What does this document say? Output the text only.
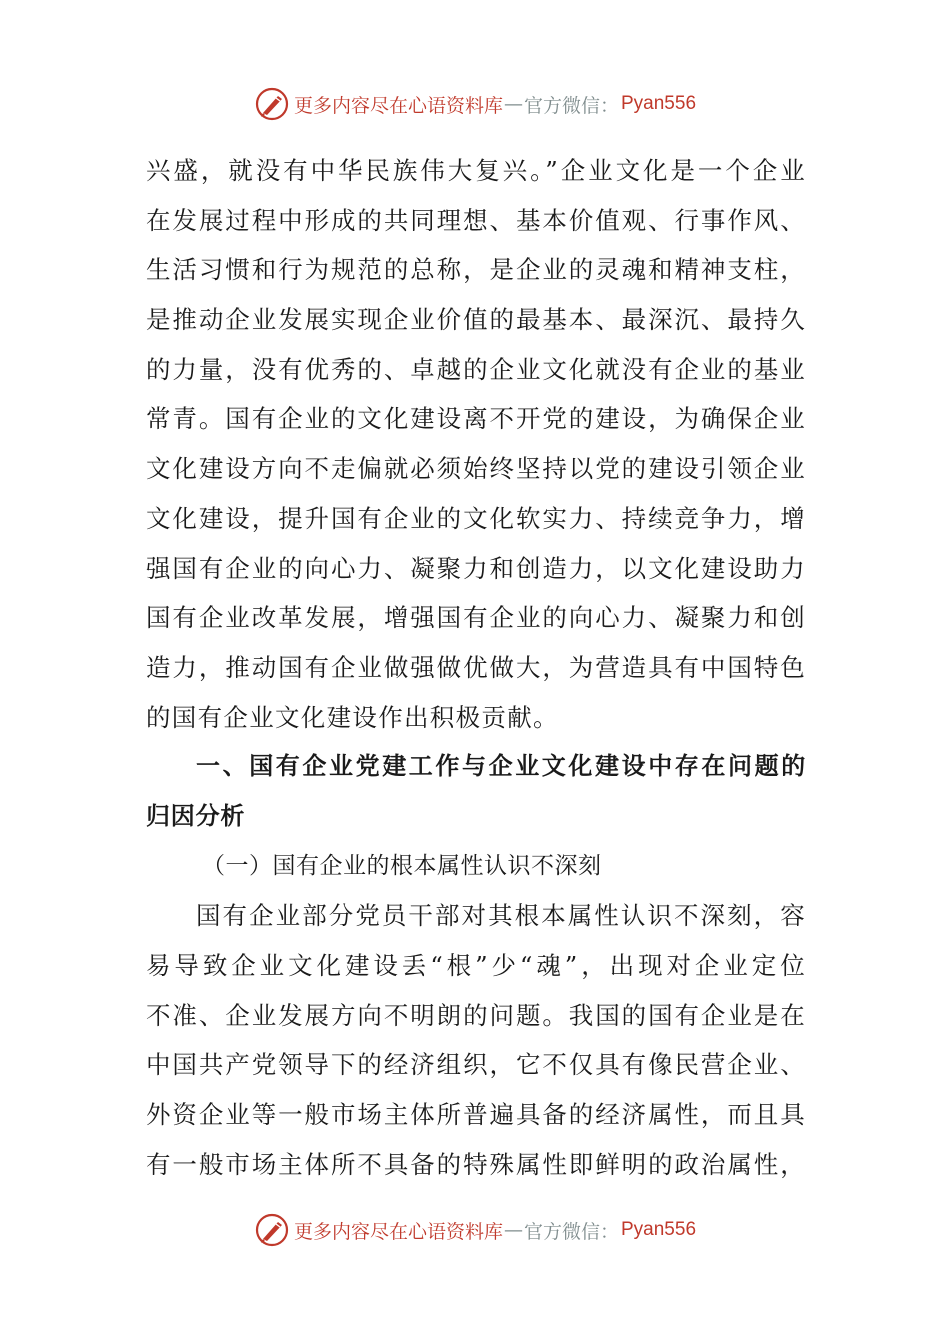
更多内容尽在心语资料库 — 官方微信： Pyan556
兴盛，就没有中华民族伟大复兴。”企业文化是一个企业
在发展过程中形成的共同理想、基本价值观、行事作风、
生活习惯和行为规范的总称，是企业的灵魂和精神支柱，
是推动企业发展实现企业价值的最基本、最深沉、最持久
的力量，没有优秀的、卓越的企业文化就没有企业的基业
常青。国有企业的文化建设离不开党的建设，为确保企业
文化建设方向不走偏就必须始终坚持以党的建设引领企业
文化建设，提升国有企业的文化软实力、持续竞争力，增
强国有企业的向心力、凝聚力和创造力，以文化建设助力
国有企业改革发展，增强国有企业的向心力、凝聚力和创
造力，推动国有企业做强做优做大，为营造具有中国特色
的国有企业文化建设作出积极贡献。
一、国有企业党建工作与企业文化建设中存在问题的
归因分析
（一）国有企业的根本属性认识不深刻
国有企业部分党员干部对其根本属性认识不深刻，容
易导致企业文化建设丢“根”少“魂”，出现对企业定位
不准、企业发展方向不明朗的问题。我国的国有企业是在
中国共产党领导下的经济组织，它不仅具有像民营企业、
外资企业等一般市场主体所普遍具备的经济属性，而且具
有一般市场主体所不具备的特殊属性即鲜明的政治属性，
更多内容尽在心语资料库 — 官方微信： Pyan556
